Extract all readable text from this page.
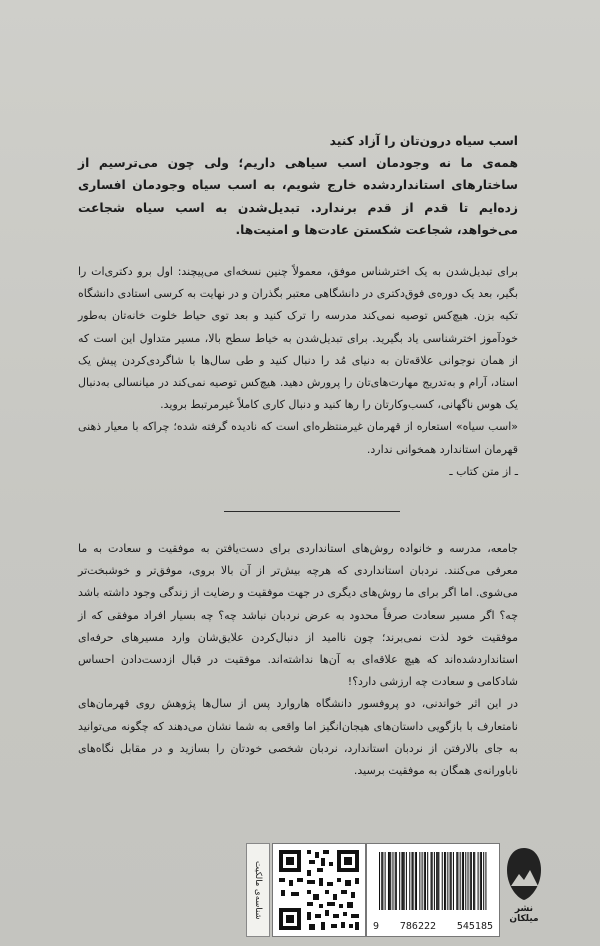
اسب سیاه درون‌تان را آزاد کنید
همه‌ی ما نه وجودمان اسب سیاهی داریم؛ ولی چون می‌ترسیم از ساختارهای استانداردشده خارج شویم، به اسب سیاه وجودمان افساری زده‌ایم تا قدم از قدم برندارد. تبدیل‌شدن به اسب سیاه شجاعت می‌خواهد، شجاعت شکستن عادت‌ها و امنیت‌ها.

برای تبدیل‌شدن به یک اخترشناس موفق، معمولاً چنین نسخه‌ای می‌پیچند: اول برو دکتری‌ات را بگیر، بعد یک دوره‌ی فوق‌دکتری در دانشگاهی معتبر بگذران و در نهایت به کرسی استادی دانشگاه تکیه بزن. هیچ‌کس توصیه نمی‌کند مدرسه را ترک کنید و بعد توی حیاط خلوت خانه‌تان به‌طور خودآموز اخترشناسی یاد بگیرید. برای تبدیل‌شدن به خیاط سطح بالا، مسیر متداول این است که از همان نوجوانی علاقه‌تان به دنیای مُد را دنبال کنید و طی سال‌ها با شاگردی‌کردن پیش یک استاد، آرام و به‌تدریج مهارت‌های‌تان را پرورش دهید. هیچ‌کس توصیه نمی‌کند در میانسالی به‌دنبال یک هوس ناگهانی، کسب‌وکارتان را رها کنید و دنبال کاری کاملاً غیرمرتبط بروید.

«اسب سیاه» استعاره از قهرمان غیرمنتظره‌ای است که نادیده گرفته شده؛ چراکه با معیار ذهنی قهرمان استاندارد همخوانی ندارد.

ـ از متن کتاب ـ

جامعه، مدرسه و خانواده روش‌های استانداردی برای دست‌یافتن به موفقیت و سعادت به ما معرفی می‌کنند. نردبان استانداردی که هرچه بیش‌تر از آن بالا بروی، موفق‌تر و خوشبخت‌تر می‌شوی. اما اگر برای ما روش‌های دیگری در جهت موفقیت و رضایت از زندگی وجود داشته باشد چه؟ اگر مسیر سعادت صرفاً محدود به عرض نردبان نباشد چه؟ چه بسیار افراد موفقی که از موفقیت خود لذت نمی‌برند؛ چون ناامید از دنبال‌کردن علایق‌شان وارد مسیرهای حرفه‌ای استانداردشده‌اند که هیچ علاقه‌ای به آن‌ها نداشته‌اند. موفقیت در قبال ازدست‌دادن احساس شادکامی و سعادت چه ارزشی دارد؟!

در این اثر خواندنی، دو پروفسور دانشگاه هاروارد پس از سال‌ها پژوهش روی قهرمان‌های نامتعارف با بازگویی داستان‌های هیجان‌انگیز اما واقعی به شما نشان می‌دهند که چگونه می‌توانید به جای بالارفتن از نردبان استاندارد، نردبان شخصی خودتان را بسازید و در مقابل نگاه‌های ناباورانه‌ی همگان به موفقیت برسید.

شناسه‌ی مالکیت
9 786222 545185
نشر میلکان
